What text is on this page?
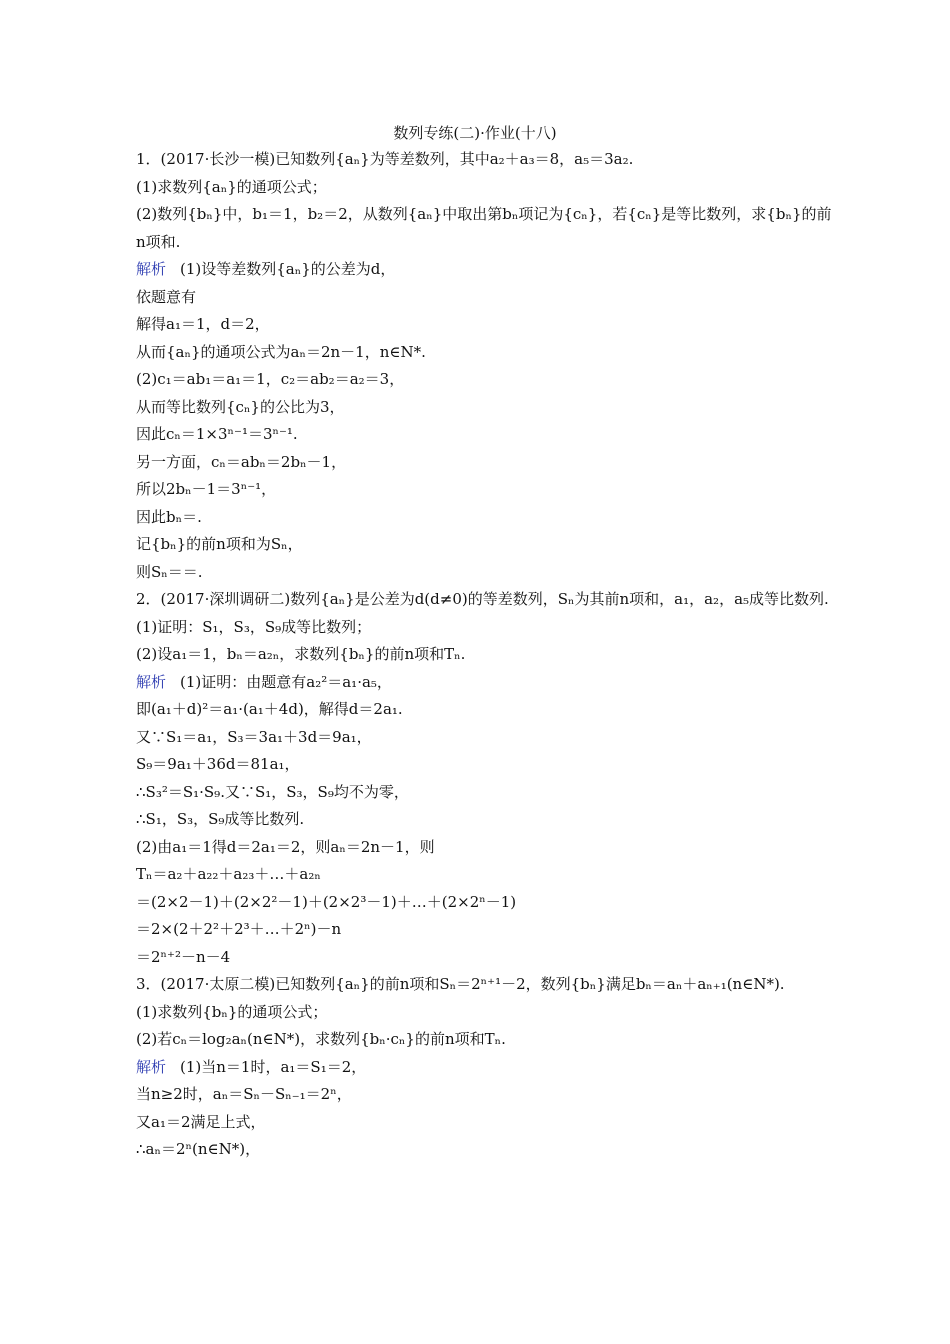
数列专练(二)·作业(十八)
1．(2017·长沙一模)已知数列{aₙ}为等差数列，其中a₂＋a₃＝8，a₅＝3a₂.
(1)求数列{aₙ}的通项公式；
(2)数列{bₙ}中，b₁＝1，b₂＝2，从数列{aₙ}中取出第bₙ项记为{cₙ}，若{cₙ}是等比数列，求{bₙ}的前n项和.
解析 (1)设等差数列{aₙ}的公差为d，
依题意有
解得a₁＝1，d＝2，
从而{aₙ}的通项公式为aₙ＝2n－1，n∈N*.
(2)c₁＝ab₁＝a₁＝1，c₂＝ab₂＝a₂＝3，
从而等比数列{cₙ}的公比为3，
因此cₙ＝1×3ⁿ⁻¹＝3ⁿ⁻¹.
另一方面，cₙ＝abₙ＝2bₙ－1，
所以2bₙ－1＝3ⁿ⁻¹，
因此bₙ＝.
记{bₙ}的前n项和为Sₙ，
则Sₙ＝＝.
2．(2017·深圳调研二)数列{aₙ}是公差为d(d≠0)的等差数列，Sₙ为其前n项和，a₁，a₂，a₅成等比数列.
(1)证明：S₁，S₃，S₉成等比数列；
(2)设a₁＝1，bₙ＝a₂ₙ，求数列{bₙ}的前n项和Tₙ.
解析 (1)证明：由题意有a₂²＝a₁·a₅，
即(a₁＋d)²＝a₁·(a₁＋4d)，解得d＝2a₁.
又∵S₁＝a₁，S₃＝3a₁＋3d＝9a₁，
S₉＝9a₁＋36d＝81a₁，
∴S₃²＝S₁·S₉.又∵S₁，S₃，S₉均不为零，
∴S₁，S₃，S₉成等比数列.
(2)由a₁＝1得d＝2a₁＝2，则aₙ＝2n－1，则
Tₙ＝a₂＋a₂₂＋a₂₃＋…＋a₂ₙ
＝(2×2－1)＋(2×2²－1)＋(2×2³－1)＋…＋(2×2ⁿ－1)
＝2×(2＋2²＋2³＋…＋2ⁿ)－n
＝2ⁿ⁺²－n－4
3．(2017·太原二模)已知数列{aₙ}的前n项和Sₙ＝2ⁿ⁺¹－2，数列{bₙ}满足bₙ＝aₙ＋aₙ₊₁(n∈N*).
(1)求数列{bₙ}的通项公式；
(2)若cₙ＝log₂aₙ(n∈N*)，求数列{bₙ·cₙ}的前n项和Tₙ.
解析 (1)当n＝1时，a₁＝S₁＝2，
当n≥2时，aₙ＝Sₙ－Sₙ₋₁＝2ⁿ，
又a₁＝2满足上式，
∴aₙ＝2ⁿ(n∈N*)，
